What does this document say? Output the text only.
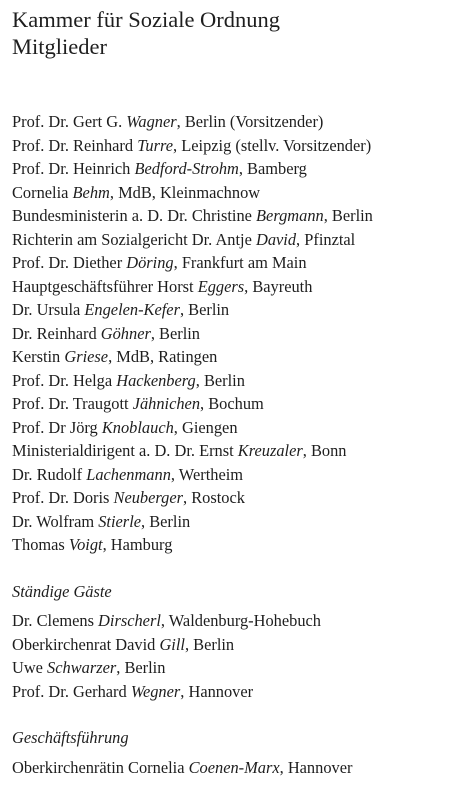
Kammer für Soziale Ordnung
Mitglieder
Prof. Dr. Gert G. Wagner, Berlin (Vorsitzender)
Prof. Dr. Reinhard Turre, Leipzig (stellv. Vorsitzender)
Prof. Dr. Heinrich Bedford-Strohm, Bamberg
Cornelia Behm, MdB, Kleinmachnow
Bundesministerin a. D. Dr. Christine Bergmann, Berlin
Richterin am Sozialgericht Dr. Antje David, Pfinztal
Prof. Dr. Diether Döring, Frankfurt am Main
Hauptgeschäftsführer Horst Eggers, Bayreuth
Dr. Ursula Engelen-Kefer, Berlin
Dr. Reinhard Göhner, Berlin
Kerstin Griese, MdB, Ratingen
Prof. Dr. Helga Hackenberg, Berlin
Prof. Dr. Traugott Jähnichen, Bochum
Prof. Dr Jörg Knoblauch, Giengen
Ministerialdirigent a. D. Dr. Ernst Kreuzaler, Bonn
Dr. Rudolf Lachenmann, Wertheim
Prof. Dr. Doris Neuberger, Rostock
Dr. Wolfram Stierle, Berlin
Thomas Voigt, Hamburg
Ständige Gäste
Dr. Clemens Dirscherl, Waldenburg-Hohebuch
Oberkirchenrat David Gill, Berlin
Uwe Schwarzer, Berlin
Prof. Dr. Gerhard Wegner, Hannover
Geschäftsführung
Oberkirchenrätin Cornelia Coenen-Marx, Hannover
